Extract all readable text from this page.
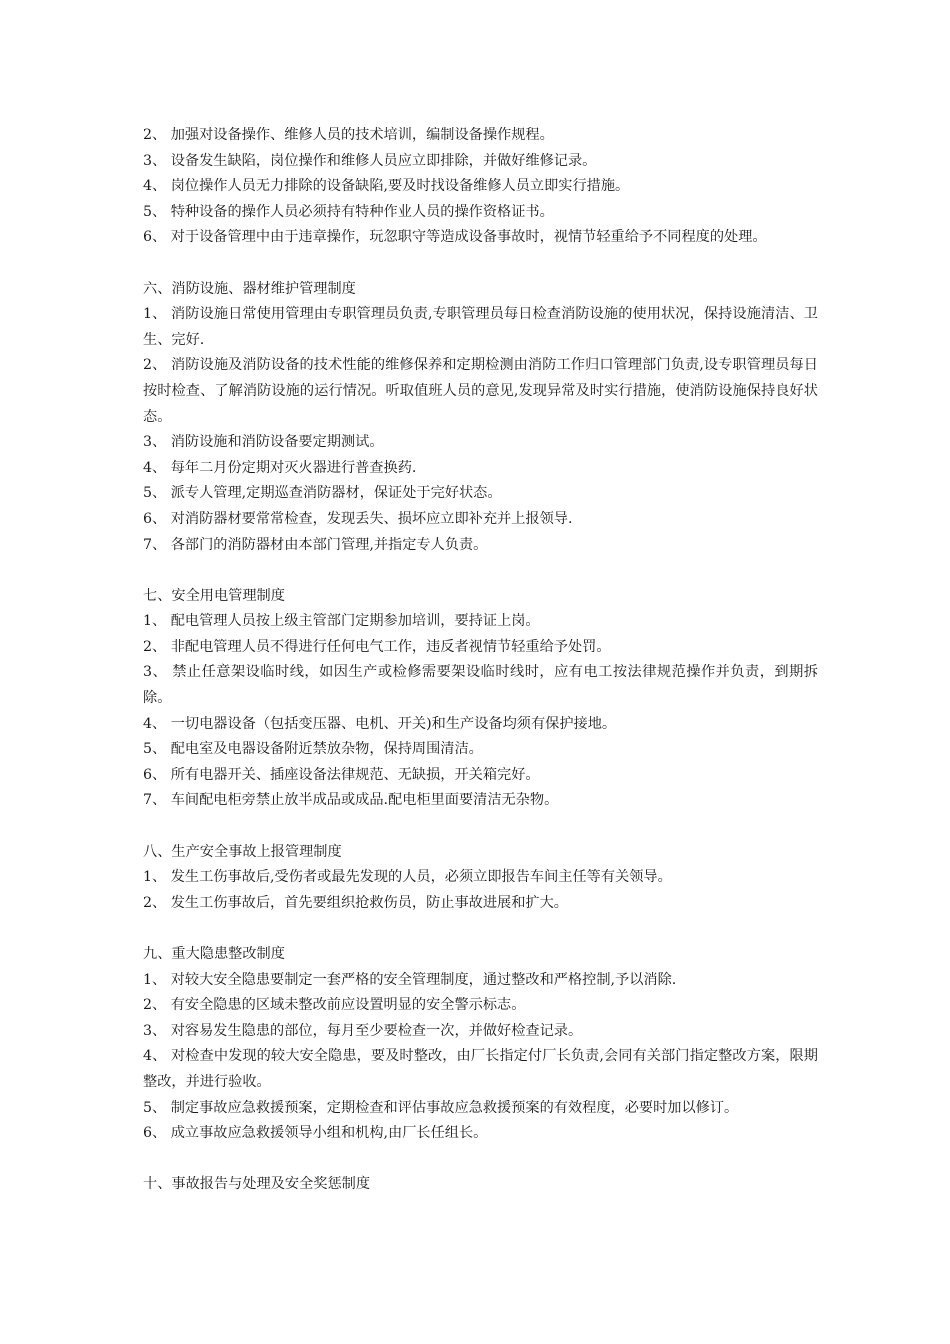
2、 加强对设备操作、维修人员的技术培训，编制设备操作规程。
3、 设备发生缺陷，岗位操作和维修人员应立即排除，并做好维修记录。
4、 岗位操作人员无力排除的设备缺陷,要及时找设备维修人员立即实行措施。
5、 特种设备的操作人员必须持有特种作业人员的操作资格证书。
6、 对于设备管理中由于违章操作，玩忽职守等造成设备事故时，视情节轻重给予不同程度的处理。
六、消防设施、器材维护管理制度
1、 消防设施日常使用管理由专职管理员负责,专职管理员每日检查消防设施的使用状况，保持设施清洁、卫生、完好.
2、 消防设施及消防设备的技术性能的维修保养和定期检测由消防工作归口管理部门负责,设专职管理员每日按时检查、了解消防设施的运行情况。听取值班人员的意见,发现异常及时实行措施，使消防设施保持良好状态。
3、 消防设施和消防设备要定期测试。
4、 每年二月份定期对灭火器进行普查换药.
5、 派专人管理,定期巡查消防器材，保证处于完好状态。
6、 对消防器材要常常检查，发现丢失、损坏应立即补充并上报领导.
7、 各部门的消防器材由本部门管理,并指定专人负责。
七、安全用电管理制度
1、 配电管理人员按上级主管部门定期参加培训，要持证上岗。
2、 非配电管理人员不得进行任何电气工作，违反者视情节轻重给予处罚。
3、 禁止任意架设临时线，如因生产或检修需要架设临时线时，应有电工按法律规范操作并负责，到期拆除。
4、 一切电器设备（包括变压器、电机、开关)和生产设备均须有保护接地。
5、 配电室及电器设备附近禁放杂物，保持周围清洁。
6、 所有电器开关、插座设备法律规范、无缺损，开关箱完好。
7、 车间配电柜旁禁止放半成品或成品.配电柜里面要清洁无杂物。
八、生产安全事故上报管理制度
1、 发生工伤事故后,受伤者或最先发现的人员，必须立即报告车间主任等有关领导。
2、 发生工伤事故后，首先要组织抢救伤员，防止事故进展和扩大。
九、重大隐患整改制度
1、 对较大安全隐患要制定一套严格的安全管理制度，通过整改和严格控制,予以消除.
2、 有安全隐患的区域未整改前应设置明显的安全警示标志。
3、 对容易发生隐患的部位，每月至少要检查一次，并做好检查记录。
4、 对检查中发现的较大安全隐患，要及时整改，由厂长指定付厂长负责,会同有关部门指定整改方案，限期整改，并进行验收。
5、 制定事故应急救援预案，定期检查和评估事故应急救援预案的有效程度，必要时加以修订。
6、 成立事故应急救援领导小组和机构,由厂长任组长。
十、事故报告与处理及安全奖惩制度
